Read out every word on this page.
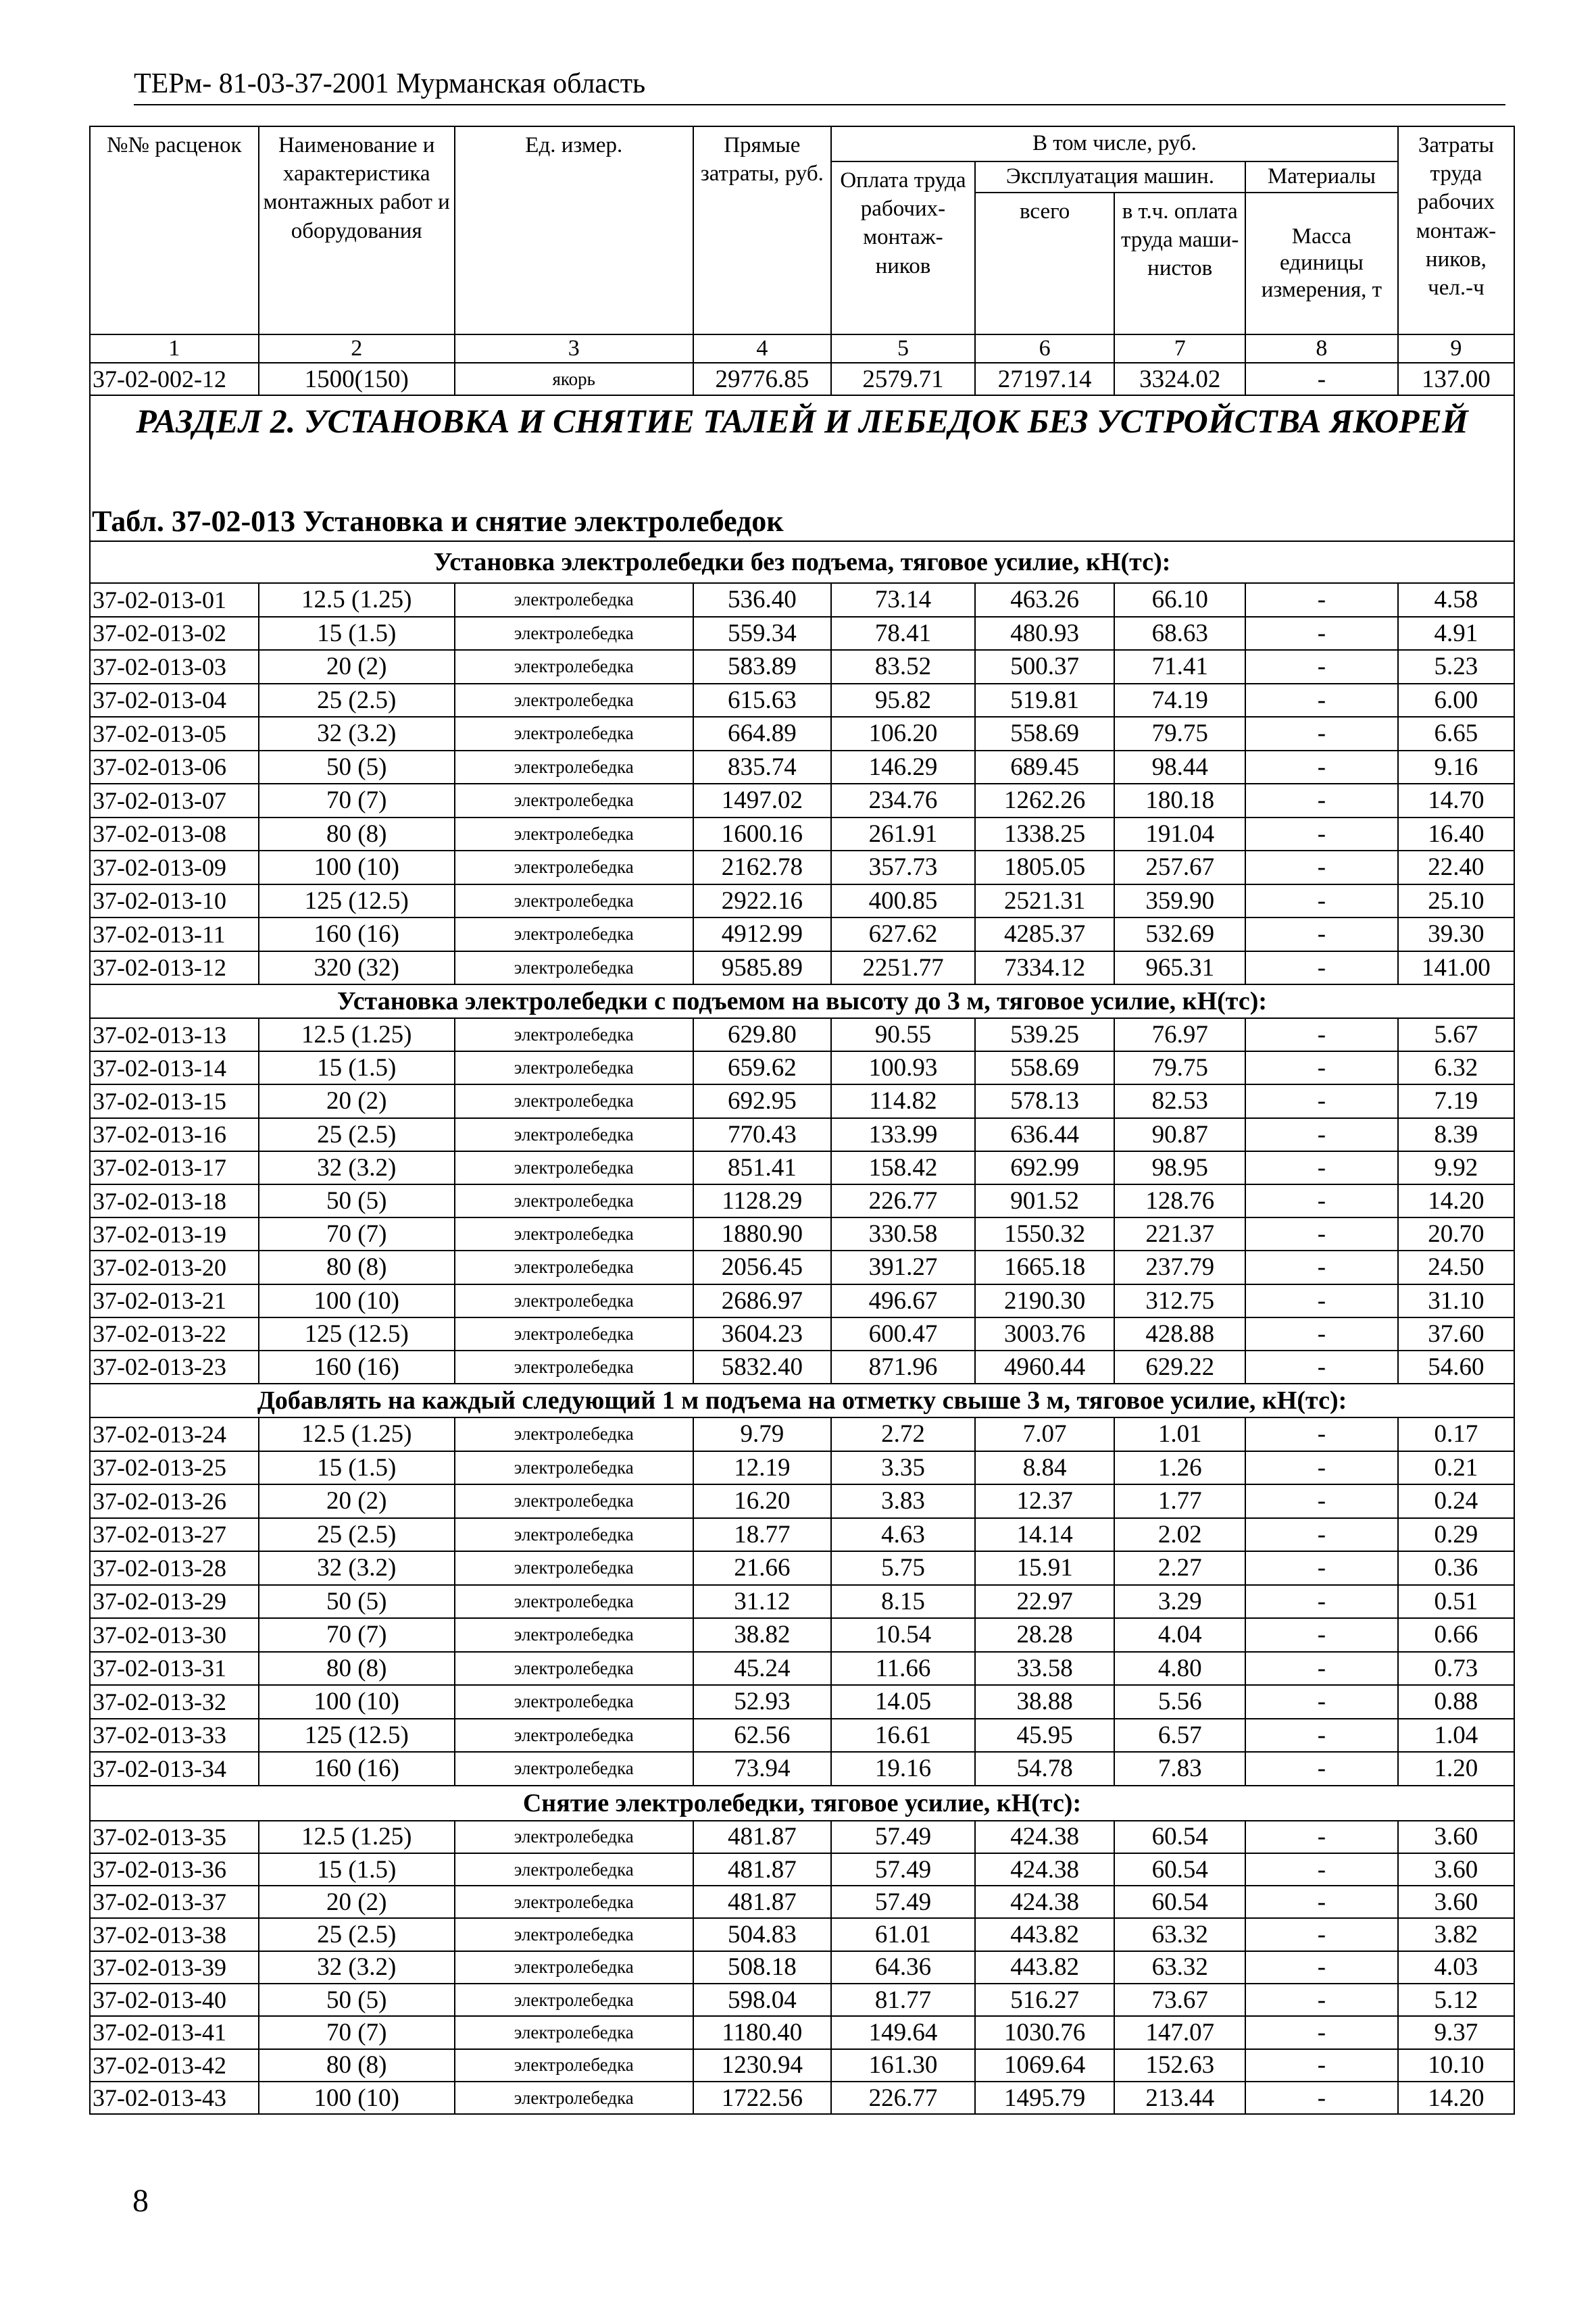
ТЕРм- 81-03-37-2001 Мурманская область
№№ расценок	Наименование и характеристика монтажных работ и оборудования	Ед. измер.	Прямые затраты, руб.	В том числе, руб.				Затраты труда рабочих монтаж-ников, чел.-ч
				Оплата труда рабочих-монтаж-ников	Эксплуатация машин.		Материалы	
					всего	в т.ч. оплата труда маши-нистов	Масса единицы измерения, т	
1	2	3	4	5	6	7	8	9
37-02-002-12	1500(150)	якорь	29776.85	2579.71	27197.14	3324.02	-	137.00
РАЗДЕЛ 2. УСТАНОВКА И СНЯТИЕ ТАЛЕЙ И ЛЕБЕДОК БЕЗ УСТРОЙСТВА ЯКОРЕЙ								
Табл. 37-02-013 Установка и снятие электролебедок								
Установка электролебедки без подъема, тяговое усилие, кН(тс):								
37-02-013-01	12.5 (1.25)	электролебедка	536.40	73.14	463.26	66.10	-	4.58
37-02-013-02	15 (1.5)	электролебедка	559.34	78.41	480.93	68.63	-	4.91
37-02-013-03	20 (2)	электролебедка	583.89	83.52	500.37	71.41	-	5.23
37-02-013-04	25 (2.5)	электролебедка	615.63	95.82	519.81	74.19	-	6.00
37-02-013-05	32 (3.2)	электролебедка	664.89	106.20	558.69	79.75	-	6.65
37-02-013-06	50 (5)	электролебедка	835.74	146.29	689.45	98.44	-	9.16
37-02-013-07	70 (7)	электролебедка	1497.02	234.76	1262.26	180.18	-	14.70
37-02-013-08	80 (8)	электролебедка	1600.16	261.91	1338.25	191.04	-	16.40
37-02-013-09	100 (10)	электролебедка	2162.78	357.73	1805.05	257.67	-	22.40
37-02-013-10	125 (12.5)	электролебедка	2922.16	400.85	2521.31	359.90	-	25.10
37-02-013-11	160 (16)	электролебедка	4912.99	627.62	4285.37	532.69	-	39.30
37-02-013-12	320 (32)	электролебедка	9585.89	2251.77	7334.12	965.31	-	141.00
Установка электролебедки с подъемом на высоту до 3 м, тяговое усилие, кН(тс):								
37-02-013-13	12.5 (1.25)	электролебедка	629.80	90.55	539.25	76.97	-	5.67
37-02-013-14	15 (1.5)	электролебедка	659.62	100.93	558.69	79.75	-	6.32
37-02-013-15	20 (2)	электролебедка	692.95	114.82	578.13	82.53	-	7.19
37-02-013-16	25 (2.5)	электролебедка	770.43	133.99	636.44	90.87	-	8.39
37-02-013-17	32 (3.2)	электролебедка	851.41	158.42	692.99	98.95	-	9.92
37-02-013-18	50 (5)	электролебедка	1128.29	226.77	901.52	128.76	-	14.20
37-02-013-19	70 (7)	электролебедка	1880.90	330.58	1550.32	221.37	-	20.70
37-02-013-20	80 (8)	электролебедка	2056.45	391.27	1665.18	237.79	-	24.50
37-02-013-21	100 (10)	электролебедка	2686.97	496.67	2190.30	312.75	-	31.10
37-02-013-22	125 (12.5)	электролебедка	3604.23	600.47	3003.76	428.88	-	37.60
37-02-013-23	160 (16)	электролебедка	5832.40	871.96	4960.44	629.22	-	54.60
Добавлять на каждый следующий 1 м подъема на отметку свыше 3 м, тяговое усилие, кН(тс):								
37-02-013-24	12.5 (1.25)	электролебедка	9.79	2.72	7.07	1.01	-	0.17
37-02-013-25	15 (1.5)	электролебедка	12.19	3.35	8.84	1.26	-	0.21
37-02-013-26	20 (2)	электролебедка	16.20	3.83	12.37	1.77	-	0.24
37-02-013-27	25 (2.5)	электролебедка	18.77	4.63	14.14	2.02	-	0.29
37-02-013-28	32 (3.2)	электролебедка	21.66	5.75	15.91	2.27	-	0.36
37-02-013-29	50 (5)	электролебедка	31.12	8.15	22.97	3.29	-	0.51
37-02-013-30	70 (7)	электролебедка	38.82	10.54	28.28	4.04	-	0.66
37-02-013-31	80 (8)	электролебедка	45.24	11.66	33.58	4.80	-	0.73
37-02-013-32	100 (10)	электролебедка	52.93	14.05	38.88	5.56	-	0.88
37-02-013-33	125 (12.5)	электролебедка	62.56	16.61	45.95	6.57	-	1.04
37-02-013-34	160 (16)	электролебедка	73.94	19.16	54.78	7.83	-	1.20
Снятие электролебедки, тяговое усилие, кН(тс):								
37-02-013-35	12.5 (1.25)	электролебедка	481.87	57.49	424.38	60.54	-	3.60
37-02-013-36	15 (1.5)	электролебедка	481.87	57.49	424.38	60.54	-	3.60
37-02-013-37	20 (2)	электролебедка	481.87	57.49	424.38	60.54	-	3.60
37-02-013-38	25 (2.5)	электролебедка	504.83	61.01	443.82	63.32	-	3.82
37-02-013-39	32 (3.2)	электролебедка	508.18	64.36	443.82	63.32	-	4.03
37-02-013-40	50 (5)	электролебедка	598.04	81.77	516.27	73.67	-	5.12
37-02-013-41	70 (7)	электролебедка	1180.40	149.64	1030.76	147.07	-	9.37
37-02-013-42	80 (8)	электролебедка	1230.94	161.30	1069.64	152.63	-	10.10
37-02-013-43	100 (10)	электролебедка	1722.56	226.77	1495.79	213.44	-	14.20
8
